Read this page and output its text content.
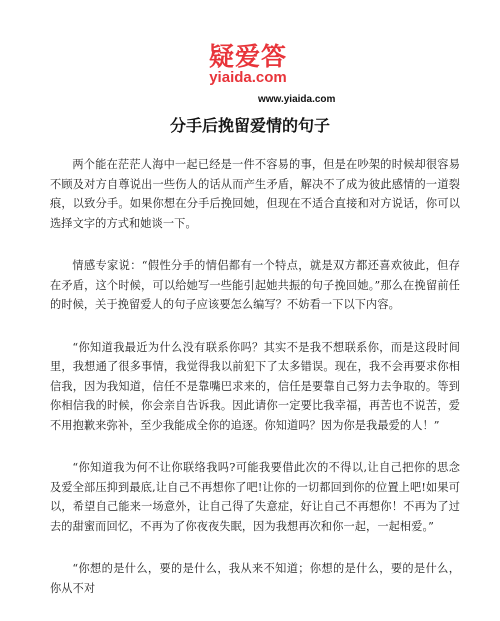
疑爱答
yiaida.com
www.yiaida.com
分手后挽留爱情的句子

两个能在茫茫人海中一起已经是一件不容易的事，但是在吵架的时候却很容易不顾及对方自尊说出一些伤人的话从而产生矛盾，解决不了成为彼此感情的一道裂痕，以致分手。如果你想在分手后挽回她，但现在不适合直接和对方说话，你可以选择文字的方式和她谈一下。

情感专家说：“假性分手的情侣都有一个特点，就是双方都还喜欢彼此，但存在矛盾，这个时候，可以给她写一些能引起她共振的句子挽回她。”那么在挽留前任的时候，关于挽留爱人的句子应该要怎么编写？不妨看一下以下内容。

“你知道我最近为什么没有联系你吗？其实不是我不想联系你，而是这段时间里，我想通了很多事情，我觉得我以前犯下了太多错误。现在，我不会再要求你相信我，因为我知道，信任不是靠嘴巴求来的，信任是要靠自己努力去争取的。等到你相信我的时候，你会亲自告诉我。因此请你一定要比我幸福，再苦也不说苦，爱不用抱歉来弥补，至少我能成全你的追逐。你知道吗？因为你是我最爱的人！”

“你知道我为何不让你联络我吗?可能我要借此次的不得以,让自己把你的思念及爱全部压抑到最底,让自己不再想你了吧!让你的一切都回到你的位置上吧!如果可以，希望自己能来一场意外，让自己得了失意症，好让自己不再想你！不再为了过去的甜蜜而回忆，不再为了你夜夜失眠，因为我想再次和你一起，一起相爱。”

“你想的是什么，要的是什么，我从来不知道；你想的是什么，要的是什么，你从不对
